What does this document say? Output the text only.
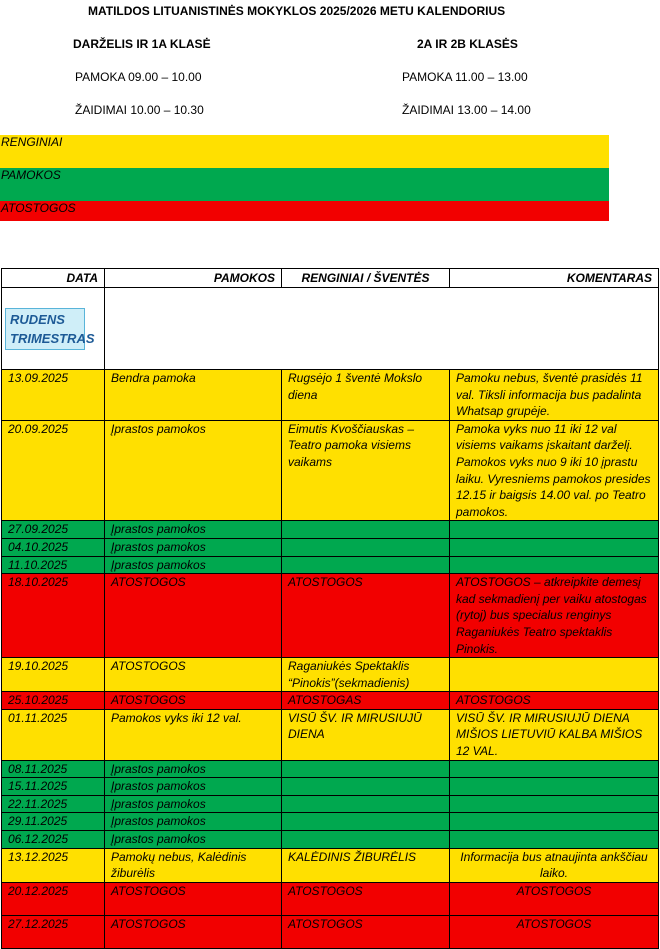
MATILDOS LITUANISTINĖS MOKYKLOS 2025/2026 METU KALENDORIUS
DARŽELIS IR 1A KLASĖ
PAMOKA 09.00 – 10.00
ŽAIDIMAI 10.00 – 10.30
2A IR 2B KLASĖS
PAMOKA 11.00 – 13.00
ŽAIDIMAI 13.00 – 14.00
RENGINIAI
PAMOKOS
ATOSTOGOS
DATA	PAMOKOS	RENGINIAI / ŠVENTĖS	KOMENTARAS
RUDENS TRIMESTRAS			
13.09.2025	Bendra pamoka	Rugsėjo 1 šventė Mokslo diena	Pamoku nebus, šventė prasidės 11 val. Tiksli informacija bus padalinta Whatsap grupėje.
20.09.2025	Įprastos pamokos	Eimutis Kvoščiauskas – Teatro pamoka visiems vaikams	Pamoka vyks nuo 11 iki 12 val visiems vaikams įskaitant darželį. Pamokos vyks nuo 9 iki 10 įprastu laiku. Vyresniems pamokos presides 12.15 ir baigsis 14.00 val. po Teatro pamokos.
27.09.2025	Įprastos pamokos		
04.10.2025	Įprastos pamokos		
11.10.2025	Įprastos pamokos		
18.10.2025	ATOSTOGOS	ATOSTOGOS	ATOSTOGOS – atkreipkite demesį kad sekmadienį per vaiku atostogas (rytoj) bus specialus renginys Raganiukės Teatro spektaklis Pinokis.
19.10.2025	ATOSTOGOS	Raganiukės Spektaklis “Pinokis”(sekmadienis)	
25.10.2025	ATOSTOGOS	ATOSTOGAS	ATOSTOGOS
01.11.2025	Pamokos vyks iki 12 val.	VISŪ ŠV. IR MIRUSIUJŪ DIENA	VISŪ ŠV. IR MIRUSIUJŪ DIENA MIŠIOS LIETUVIŪ KALBA MIŠIOS 12 VAL.
08.11.2025	Įprastos pamokos		
15.11.2025	Įprastos pamokos		
22.11.2025	Įprastos pamokos		
29.11.2025	Įprastos pamokos		
06.12.2025	Įprastos pamokos		
13.12.2025	Pamokų nebus, Kalėdinis žiburėlis	KALĖDINIS ŽIBURĖLIS	Informacija bus atnaujinta ankščiau laiko.
20.12.2025	ATOSTOGOS	ATOSTOGOS	ATOSTOGOS
27.12.2025	ATOSTOGOS	ATOSTOGOS	ATOSTOGOS
